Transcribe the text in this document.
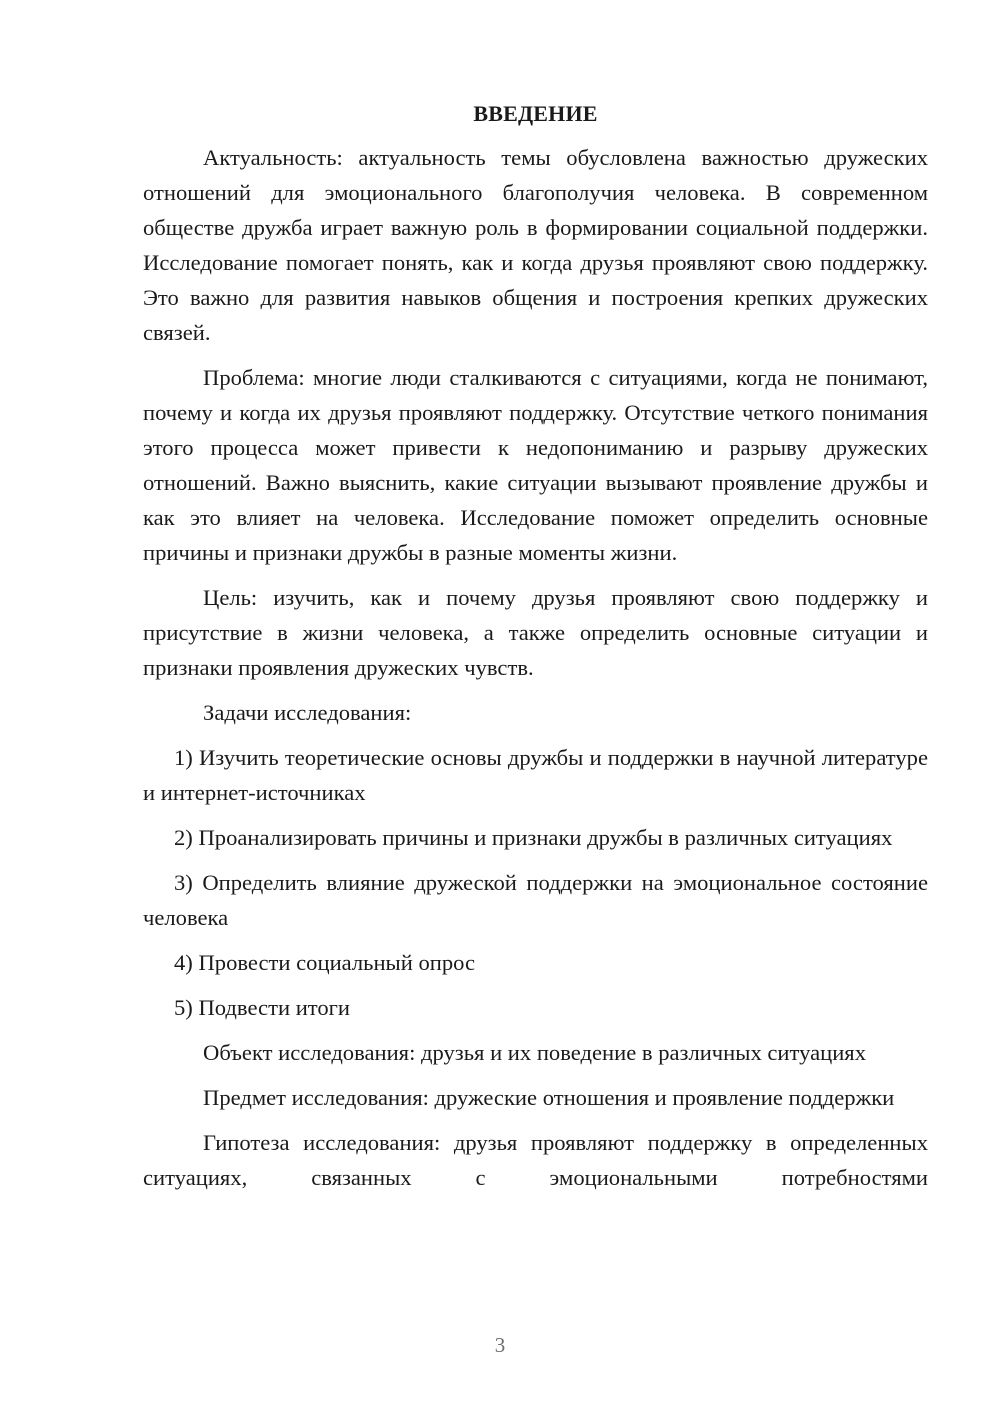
ВВЕДЕНИЕ

Актуальность: актуальность темы обусловлена важностью дружеских отношений для эмоционального благополучия человека. В современном обществе дружба играет важную роль в формировании социальной поддержки. Исследование помогает понять, как и когда друзья проявляют свою поддержку. Это важно для развития навыков общения и построения крепких дружеских связей.

Проблема: многие люди сталкиваются с ситуациями, когда не понимают, почему и когда их друзья проявляют поддержку. Отсутствие четкого понимания этого процесса может привести к недопониманию и разрыву дружеских отношений. Важно выяснить, какие ситуации вызывают проявление дружбы и как это влияет на человека. Исследование поможет определить основные причины и признаки дружбы в разные моменты жизни.

Цель: изучить, как и почему друзья проявляют свою поддержку и присутствие в жизни человека, а также определить основные ситуации и признаки проявления дружеских чувств.

Задачи исследования:

1) Изучить теоретические основы дружбы и поддержки в научной литературе и интернет-источниках

2) Проанализировать причины и признаки дружбы в различных ситуациях

3) Определить влияние дружеской поддержки на эмоциональное состояние человека

4) Провести социальный опрос

5) Подвести итоги

Объект исследования: друзья и их поведение в различных ситуациях

Предмет исследования: дружеские отношения и проявление поддержки

Гипотеза исследования: друзья проявляют поддержку в определенных ситуациях, связанных с эмоциональными потребностями

3
